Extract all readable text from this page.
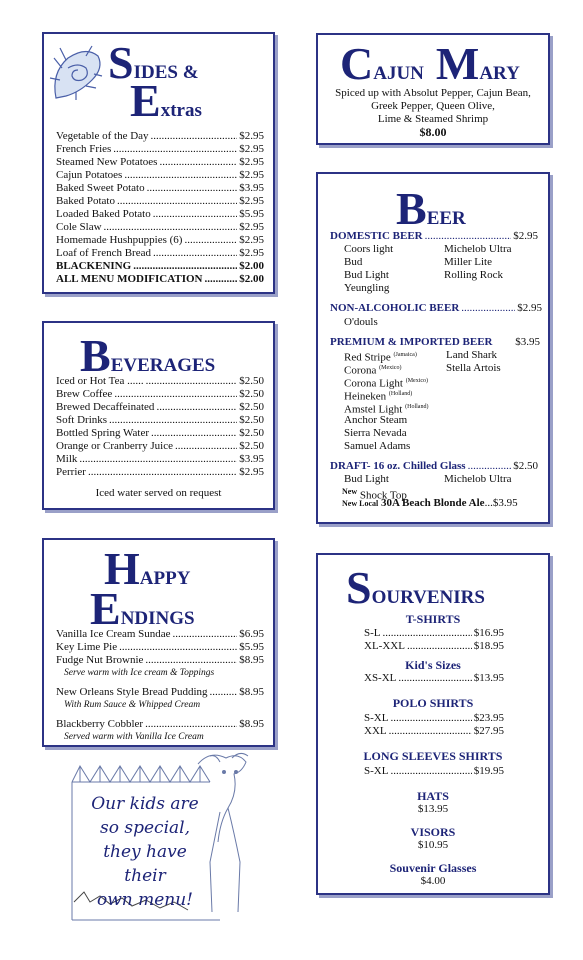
SIDES &
Extras
Vegetable of the Day .....	$2.95
French Fries .....	$2.95
Steamed New Potatoes .....	$2.95
Cajun Potatoes .....	$2.95
Baked Sweet Potato .....	$3.95
Baked Potato .....	$2.95
Loaded Baked Potato .....	$5.95
Cole Slaw .....	$2.95
Homemade Hushpuppies (6) .....	$2.95
Loaf of French Bread .....	$2.95
BLACKENING .....	$2.00
ALL MENU MODIFICATION .....	$2.00
BEVERAGES
Iced or Hot Tea ...... .....	$2.50
Brew Coffee .....	$2.50
Brewed Decaffeinated .....	$2.50
Soft Drinks .....	$2.50
Bottled Spring Water .....	$2.50
Orange or Cranberry Juice .....	$2.50
Milk .....	$3.95
Perrier .....	$2.95
Iced water served on request
HAPPY
ENDINGS
Vanilla Ice Cream Sundae .....	$6.95
Key Lime Pie .....	$5.95
Fudge Nut Brownie .....	$8.95
Serve warm with Ice cream & Toppings
New Orleans Style Bread Pudding .....	$8.95
With Rum Sauce & Whipped Cream
Blackberry Cobbler .....	$8.95
Served warm with Vanilla Ice Cream
Our kids are
so special,
they have their
own menu!
CAJUN MARY
Spiced up with Absolut Pepper, Cajun Bean,
Greek Pepper, Queen Olive,
Lime & Steamed Shrimp
$8.00
BEER
DOMESTIC BEER .....	$2.95
Coors light
Bud
Bud Light
Yeungling
Michelob Ultra
Miller Lite
Rolling Rock
NON-ALCOHOLIC BEER .....	$2.95
O'douls
PREMIUM & IMPORTED BEER $3.95
Red Stripe $^{(Jamaica)}$
Corona $^{(Mexico)}$
Corona Light $^{(Mexico)}$
Heineken $^{(Holland)}$
Amstel Light $^{(Holland)}$
Anchor Steam
Sierra Nevada
Samuel Adams
Land Shark
Stella Artois
DRAFT- 16 oz. Chilled Glass .....	$2.50
Bud Light	Michelob Ultra
$^{New}$ Shock Top
New Local 30A Beach Blonde Ale...$3.95
SOURVENIRS
T-SHIRTS
S-L .....	$16.95
XL-XXL .....	$18.95
Kid's Sizes
XS-XL .....	$13.95
POLO SHIRTS
S-XL .....	$23.95
XXL .....	$27.95
LONG SLEEVES SHIRTS
S-XL .....	$19.95
HATS
$13.95
VISORS
$10.95
Souvenir Glasses
$4.00
